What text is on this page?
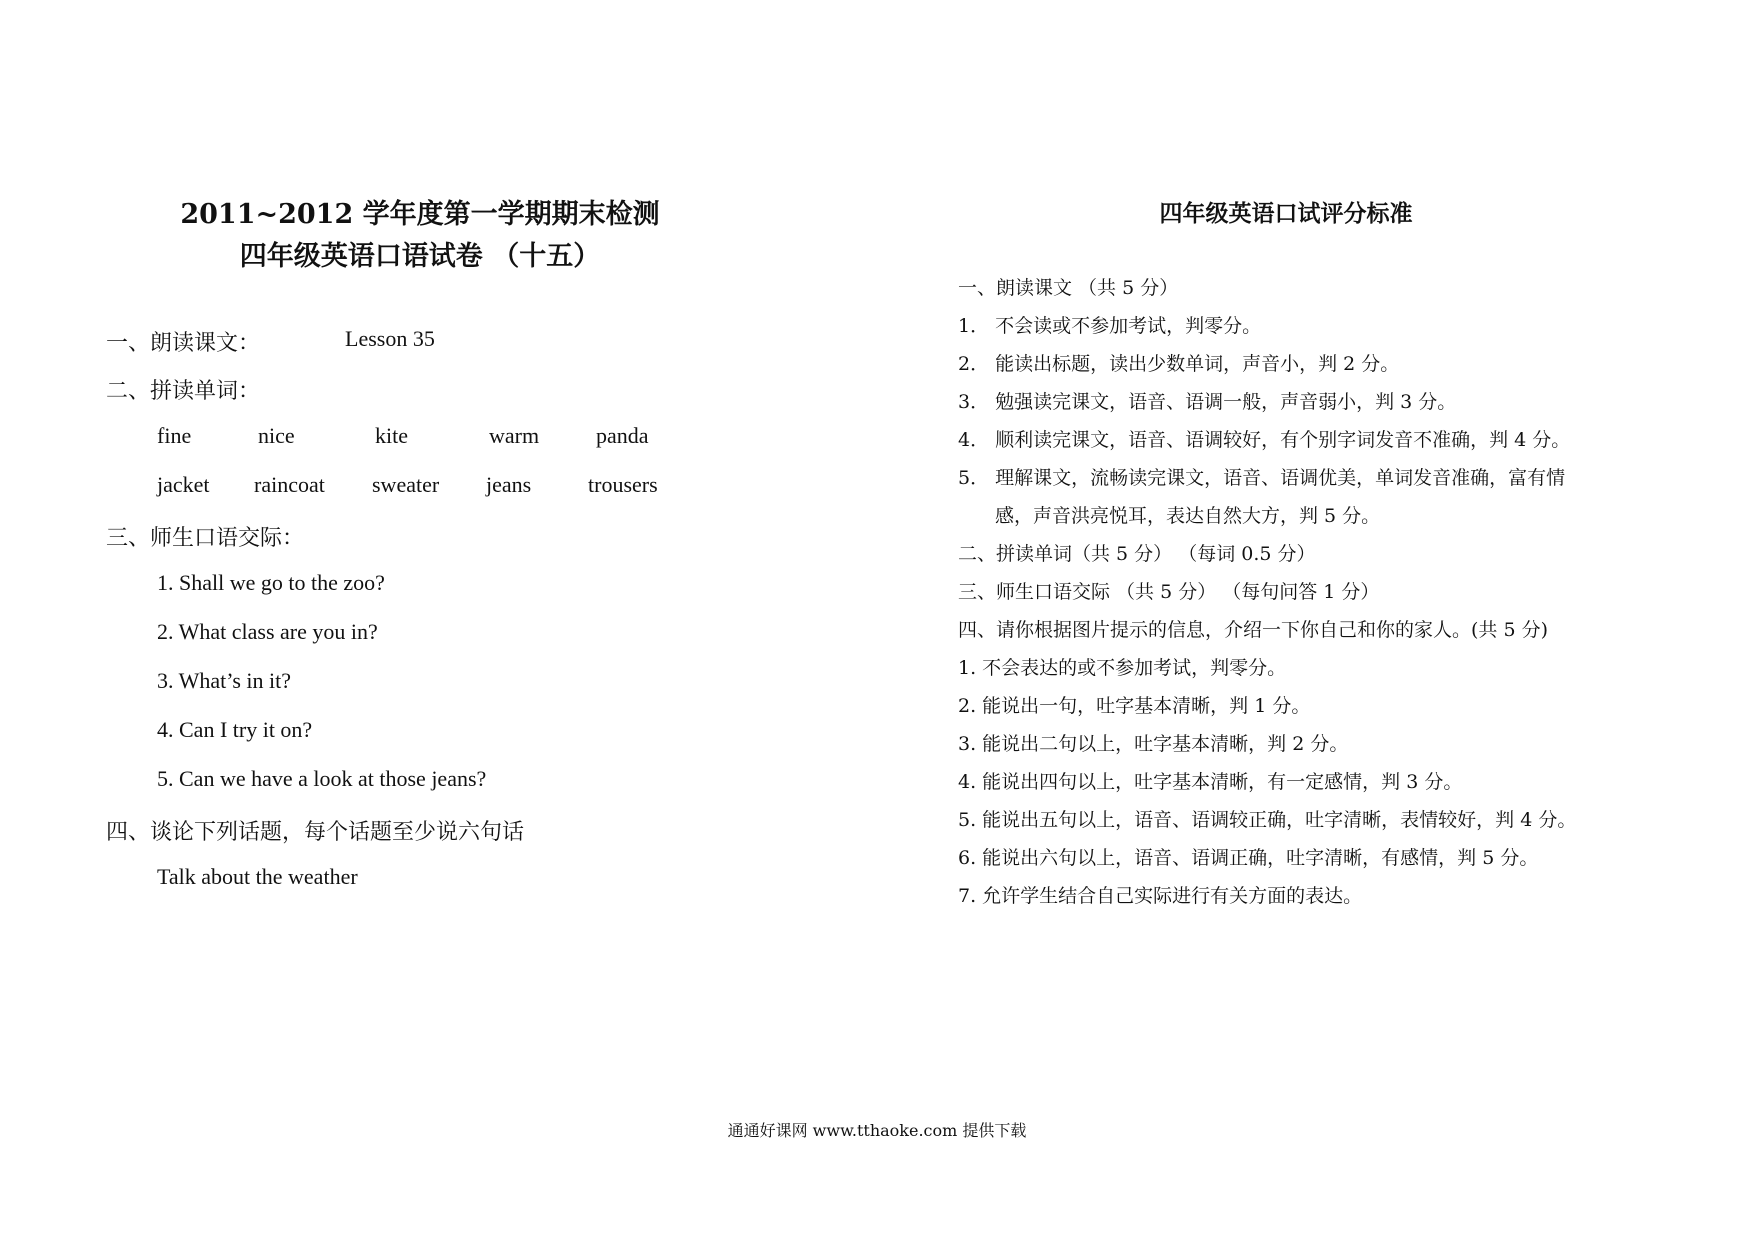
2011~2012 学年度第一学期期末检测
四年级英语口语试卷 （十五）
一、朗读课文：	Lesson 35
二、拼读单词：
fine	nice	kite	warm	panda
jacket raincoat sweater jeans	trousers
三、师生口语交际：
1. Shall we go to the zoo?
2. What class are you in?
3. What’s in it?
4. Can I try it on?
5. Can we have a look at those jeans?
四、谈论下列话题，每个话题至少说六句话
Talk about the weather
四年级英语口试评分标准
一、朗读课文 （共 5 分）
1． 不会读或不参加考试，判零分。
2． 能读出标题，读出少数单词，声音小，判 2 分。
3． 勉强读完课文，语音、语调一般，声音弱小，判 3 分。
4． 顺利读完课文，语音、语调较好，有个别字词发音不准确，判 4 分。
5． 理解课文，流畅读完课文，语音、语调优美，单词发音准确，富有情
感，声音洪亮悦耳，表达自然大方，判 5 分。
二、拼读单词（共 5 分） （每词 0.5 分）
三、师生口语交际 （共 5 分） （每句问答 1 分）
四、请你根据图片提示的信息，介绍一下你自己和你的家人。(共 5 分)
1. 不会表达的或不参加考试，判零分。
2. 能说出一句，吐字基本清晰，判 1 分。
3. 能说出二句以上，吐字基本清晰，判 2 分。
4. 能说出四句以上，吐字基本清晰，有一定感情，判 3 分。
5. 能说出五句以上，语音、语调较正确，吐字清晰，表情较好，判 4 分。
6. 能说出六句以上，语音、语调正确，吐字清晰，有感情，判 5 分。
7. 允许学生结合自己实际进行有关方面的表达。
通通好课网 www.tthaoke.com 提供下载
